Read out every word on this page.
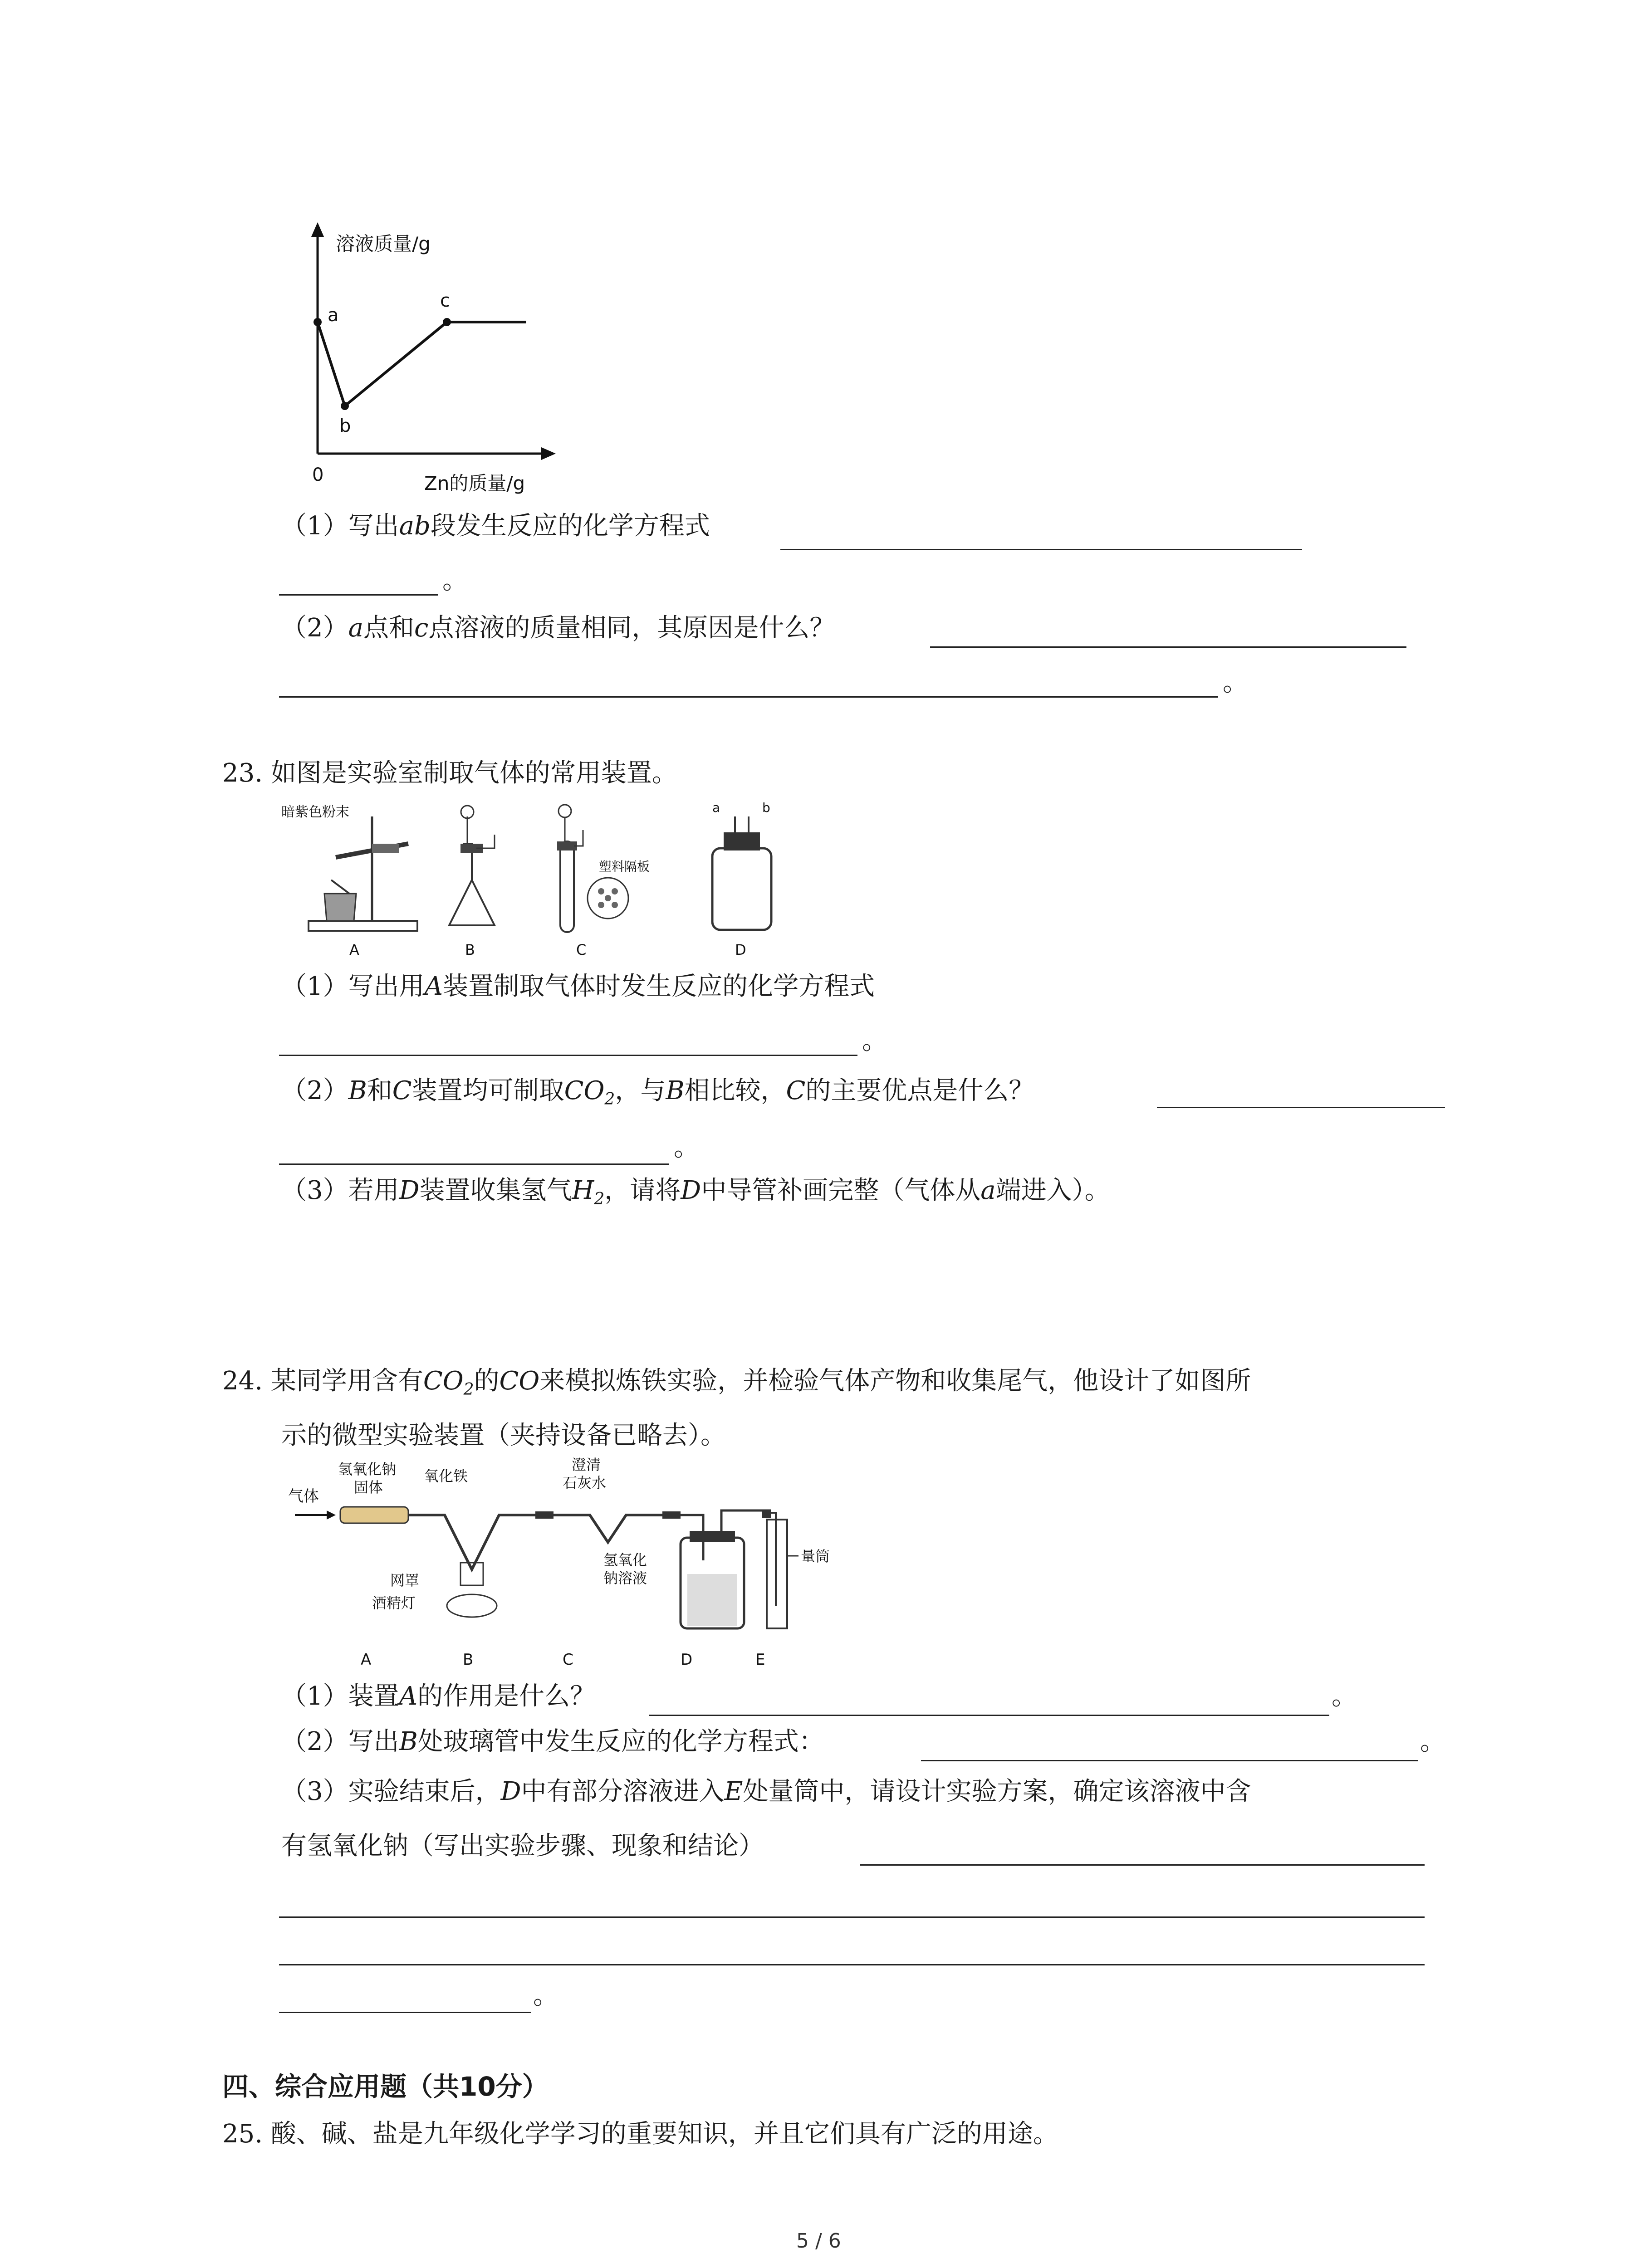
溶液质量/g
a
b
c
0	Zn的质量/g
（1）写出ab段发生反应的化学方程式
。
（2）a点和c点溶液的质量相同，其原因是什么？
。
23. 如图是实验室制取气体的常用装置。
暗紫色粉末
A	B
塑料隔板
C
a	b
D
（1）写出用A装置制取气体时发生反应的化学方程式
。
（2）B和C装置均可制取$CO_2$，与B相比较，C的主要优点是什么？
。
（3）若用D装置收集氢气$H_2$，请将D中导管补画完整（气体从a端进入）。
24. 某同学用含有$CO_2$的CO来模拟炼铁实验，并检验气体产物和收集尾气，他设计了如图所
示的微型实验装置（夹持设备已略去）。
气体
氢氧化钠
固体
氧化铁
网罩
酒精灯
澄清
石灰水
氢氧化
钠溶液
量筒
A	B	C	D	E
（1）装置A的作用是什么？	。
（2）写出B处玻璃管中发生反应的化学方程式：	。
（3）实验结束后，D中有部分溶液进入E处量筒中，请设计实验方案，确定该溶液中含
有氢氧化钠（写出实验步骤、现象和结论）
。
四、综合应用题（共10分）
25. 酸、碱、盐是九年级化学学习的重要知识，并且它们具有广泛的用途。
5 / 6
